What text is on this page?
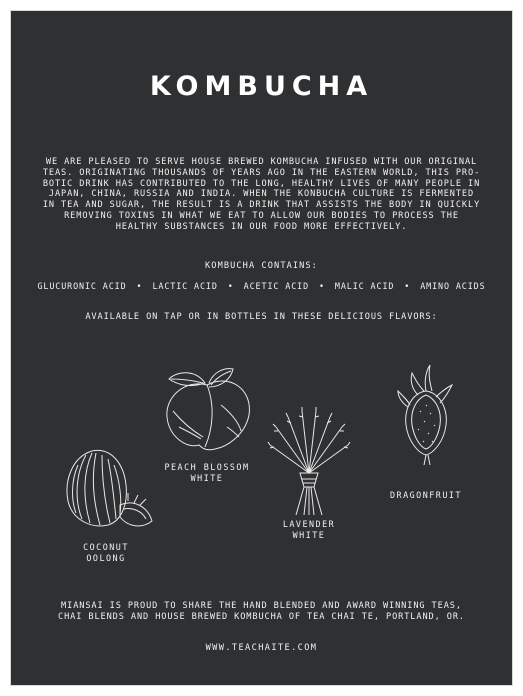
KOMBUCHA
WE ARE PLEASED TO SERVE HOUSE BREWED KOMBUCHA INFUSED WITH OUR ORIGINAL TEAS. ORIGINATING THOUSANDS OF YEARS AGO IN THE EASTERN WORLD, THIS PRO-BOTIC DRINK HAS CONTRIBUTED TO THE LONG, HEALTHY LIVES OF MANY PEOPLE IN JAPAN, CHINA, RUSSIA AND INDIA. WHEN THE KONBUCHA CULTURE IS FERMENTED IN TEA AND SUGAR, THE RESULT IS A DRINK THAT ASSISTS THE BODY IN QUICKLY REMOVING TOXINS IN WHAT WE EAT TO ALLOW OUR BODIES TO PROCESS THE HEALTHY SUBSTANCES IN OUR FOOD MORE EFFECTIVELY.
KOMBUCHA CONTAINS:
GLUCURONIC ACID • LACTIC ACID • ACETIC ACID • MALIC ACID • AMINO ACIDS
AVAILABLE ON TAP OR IN BOTTLES IN THESE DELICIOUS FLAVORS:
COCONUT
OOLONG
PEACH BLOSSOM
WHITE
LAVENDER
WHITE
DRAGONFRUIT
MIANSAI IS PROUD TO SHARE THE HAND BLENDED AND AWARD WINNING TEAS, CHAI BLENDS AND HOUSE BREWED KOMBUCHA OF TEA CHAI TE, PORTLAND, OR.
WWW.TEACHAITE.COM
